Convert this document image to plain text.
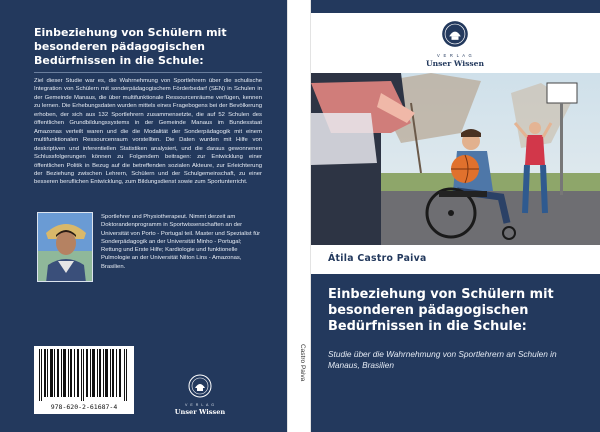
Einbeziehung von Schülern mit besonderen pädagogischen Bedürfnissen in die Schule:
Ziel dieser Studie war es, die Wahrnehmung von Sportlehrern über die schulische Integration von Schülern mit sonderpädagogischem Förderbedarf (SEN) in Schulen in der Gemeinde Manaus, die über multifunktionale Ressourcenräume verfügen, kennen zu lernen. Die Erhebungsdaten wurden mittels eines Fragebogens bei der Bevölkerung erhoben, der sich aus 132 Sportlehrern zusammensetzte, die auf 52 Schulen des öffentlichen Grundbildungssystems in der Gemeinde Manaus im Bundesstaat Amazonas verteilt waren und die die Modalität der Sonderpädagogik mit einem multifunktionalen Ressourcenraum vorstellten. Die Daten wurden mit Hilfe von deskriptiven und inferentiellen Statistiken analysiert, und die daraus gewonnenen Schlussfolgerungen können zu Folgendem beitragen: zur Entwicklung einer öffentlichen Politik in Bezug auf die betreffenden sozialen Akteure, zur Erleichterung der Beziehung zwischen Lehrern, Schülern und der Schulgemeinschaft, zu einer besseren beruflichen Entwicklung, zum Bildungsdienst sowie zum Sportunterricht.
Sportlehrer und Physiotherapeut. Nimmt derzeit am Doktorandenprogramm in Sportwissenschaften an der Universität von Porto - Portugal teil. Master und Spezialist für Sonderpädagogik an der Universität Minho - Portugal; Rettung und Erste Hilfe; Kardiologie und funktionelle Pulmologie an der Universität Nilton Lins - Amazonas, Brasilien.
978-620-2-61687-4	V E R L A G
Unser Wissen
Castro Paiva
V E R L A G
Unser Wissen
Átila Castro Paiva
Einbeziehung von Schülern mit besonderen pädagogischen Bedürfnissen in die Schule:
Studie über die Wahrnehmung von Sportlehrern an Schulen in Manaus, Brasilien
